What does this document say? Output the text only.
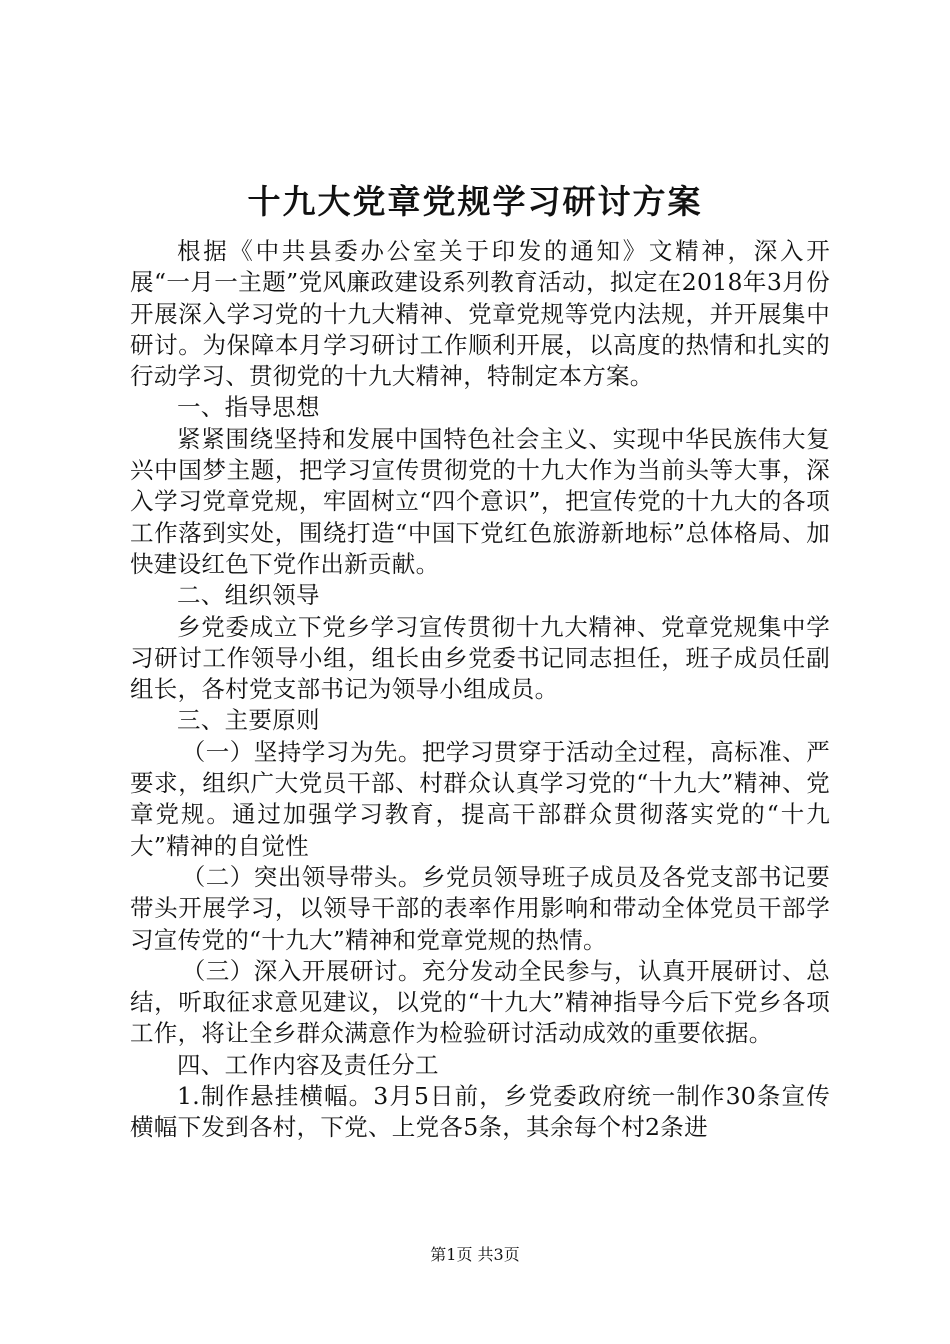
十九大党章党规学习研讨方案

根据《中共县委办公室关于印发的通知》文精神，深入开展“一月一主题”党风廉政建设系列教育活动，拟定在2018年3月份开展深入学习党的十九大精神、党章党规等党内法规，并开展集中研讨。为保障本月学习研讨工作顺利开展，以高度的热情和扎实的行动学习、贯彻党的十九大精神，特制定本方案。

一、指导思想

紧紧围绕坚持和发展中国特色社会主义、实现中华民族伟大复兴中国梦主题，把学习宣传贯彻党的十九大作为当前头等大事，深入学习党章党规，牢固树立“四个意识”，把宣传党的十九大的各项工作落到实处，围绕打造“中国下党红色旅游新地标”总体格局、加快建设红色下党作出新贡献。

二、组织领导

乡党委成立下党乡学习宣传贯彻十九大精神、党章党规集中学习研讨工作领导小组，组长由乡党委书记同志担任，班子成员任副组长，各村党支部书记为领导小组成员。

三、主要原则

（一）坚持学习为先。把学习贯穿于活动全过程，高标准、严要求，组织广大党员干部、村群众认真学习党的“十九大”精神、党章党规。通过加强学习教育，提高干部群众贯彻落实党的“十九大”精神的自觉性

（二）突出领导带头。乡党员领导班子成员及各党支部书记要带头开展学习，以领导干部的表率作用影响和带动全体党员干部学习宣传党的“十九大”精神和党章党规的热情。

（三）深入开展研讨。充分发动全民参与，认真开展研讨、总结，听取征求意见建议，以党的“十九大”精神指导今后下党乡各项工作，将让全乡群众满意作为检验研讨活动成效的重要依据。

四、工作内容及责任分工

1.制作悬挂横幅。3月5日前，乡党委政府统一制作30条宣传横幅下发到各村，下党、上党各5条，其余每个村2条进

第1页 共3页
